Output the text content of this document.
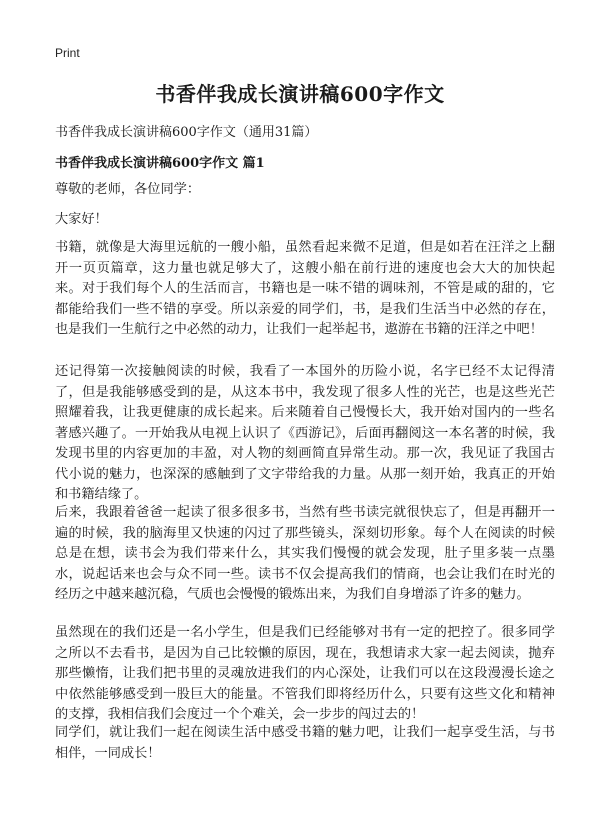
Print
书香伴我成长演讲稿600字作文

书香伴我成长演讲稿600字作文（通用31篇）

书香伴我成长演讲稿600字作文 篇1

尊敬的老师，各位同学：

大家好！

书籍，就像是大海里远航的一艘小船，虽然看起来微不足道，但是如若在汪洋之上翻开一页页篇章，这力量也就足够大了，这艘小船在前行进的速度也会大大的加快起来。对于我们每个人的生活而言，书籍也是一味不错的调味剂，不管是咸的甜的，它都能给我们一些不错的享受。所以亲爱的同学们，书，是我们生活当中必然的存在，也是我们一生航行之中必然的动力，让我们一起举起书，遨游在书籍的汪洋之中吧！

还记得第一次接触阅读的时候，我看了一本国外的历险小说，名字已经不太记得清了，但是我能够感受到的是，从这本书中，我发现了很多人性的光芒，也是这些光芒照耀着我，让我更健康的成长起来。后来随着自己慢慢长大，我开始对国内的一些名著感兴趣了。一开始我从电视上认识了《西游记》，后面再翻阅这一本名著的时候，我发现书里的内容更加的丰盈，对人物的刻画简直异常生动。那一次，我见证了我国古代小说的魅力，也深深的感触到了文字带给我的力量。从那一刻开始，我真正的开始和书籍结缘了。

后来，我跟着爸爸一起读了很多很多书，当然有些书读完就很快忘了，但是再翻开一遍的时候，我的脑海里又快速的闪过了那些镜头，深刻切形象。每个人在阅读的时候总是在想，读书会为我们带来什么，其实我们慢慢的就会发现，肚子里多装一点墨水，说起话来也会与众不同一些。读书不仅会提高我们的情商，也会让我们在时光的经历之中越来越沉稳，气质也会慢慢的锻炼出来，为我们自身增添了许多的魅力。

虽然现在的我们还是一名小学生，但是我们已经能够对书有一定的把控了。很多同学之所以不去看书，是因为自己比较懒的原因，现在，我想请求大家一起去阅读，抛弃那些懒惰，让我们把书里的灵魂放进我们的内心深处，让我们可以在这段漫漫长途之中依然能够感受到一股巨大的能量。不管我们即将经历什么，只要有这些文化和精神的支撑，我相信我们会度过一个个难关，会一步步的闯过去的！

同学们，就让我们一起在阅读生活中感受书籍的魅力吧，让我们一起享受生活，与书相伴，一同成长！
